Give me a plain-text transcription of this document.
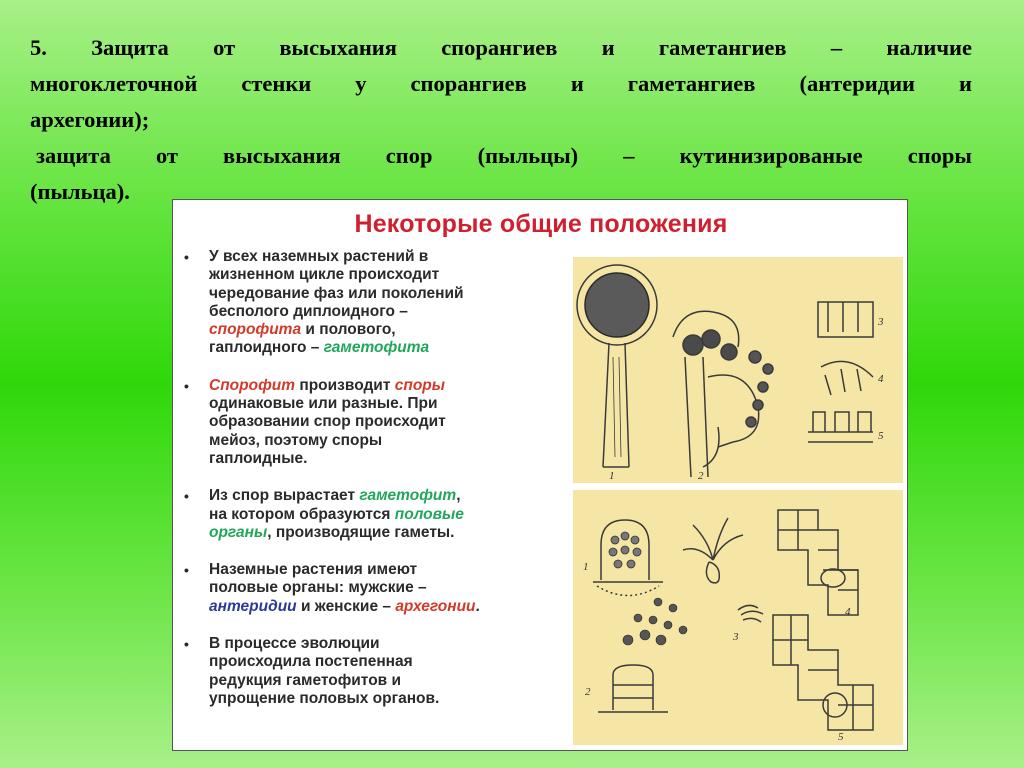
5. Защита от высыхания спорангиев и гаметангиев – наличие

многоклеточной стенки у спорангиев и гаметангиев (антеридии и

архегонии);

защита от высыхания спор (пыльцы) – кутинизированые споры

(пыльца).

Некоторые общие положения
• У всех наземных растений в
жизненном цикле происходит
чередование фаз или поколений
бесполого диплоидного –
спорофита и полового,
гаплоидного – гаметофита
• Спорофит производит споры
одинаковые или разные. При
образовании спор происходит
мейоз, поэтому споры
гаплоидные.
• Из спор вырастает гаметофит,
на котором образуются половые
органы, производящие гаметы.
• Наземные растения имеют
половые органы: мужские –
антеридии и женские – архегонии.
• В процессе эволюции
происходила постепенная
редукция гаметофитов и
упрощение половых органов.
1	2
3
4
5
1
2
3
4
5
